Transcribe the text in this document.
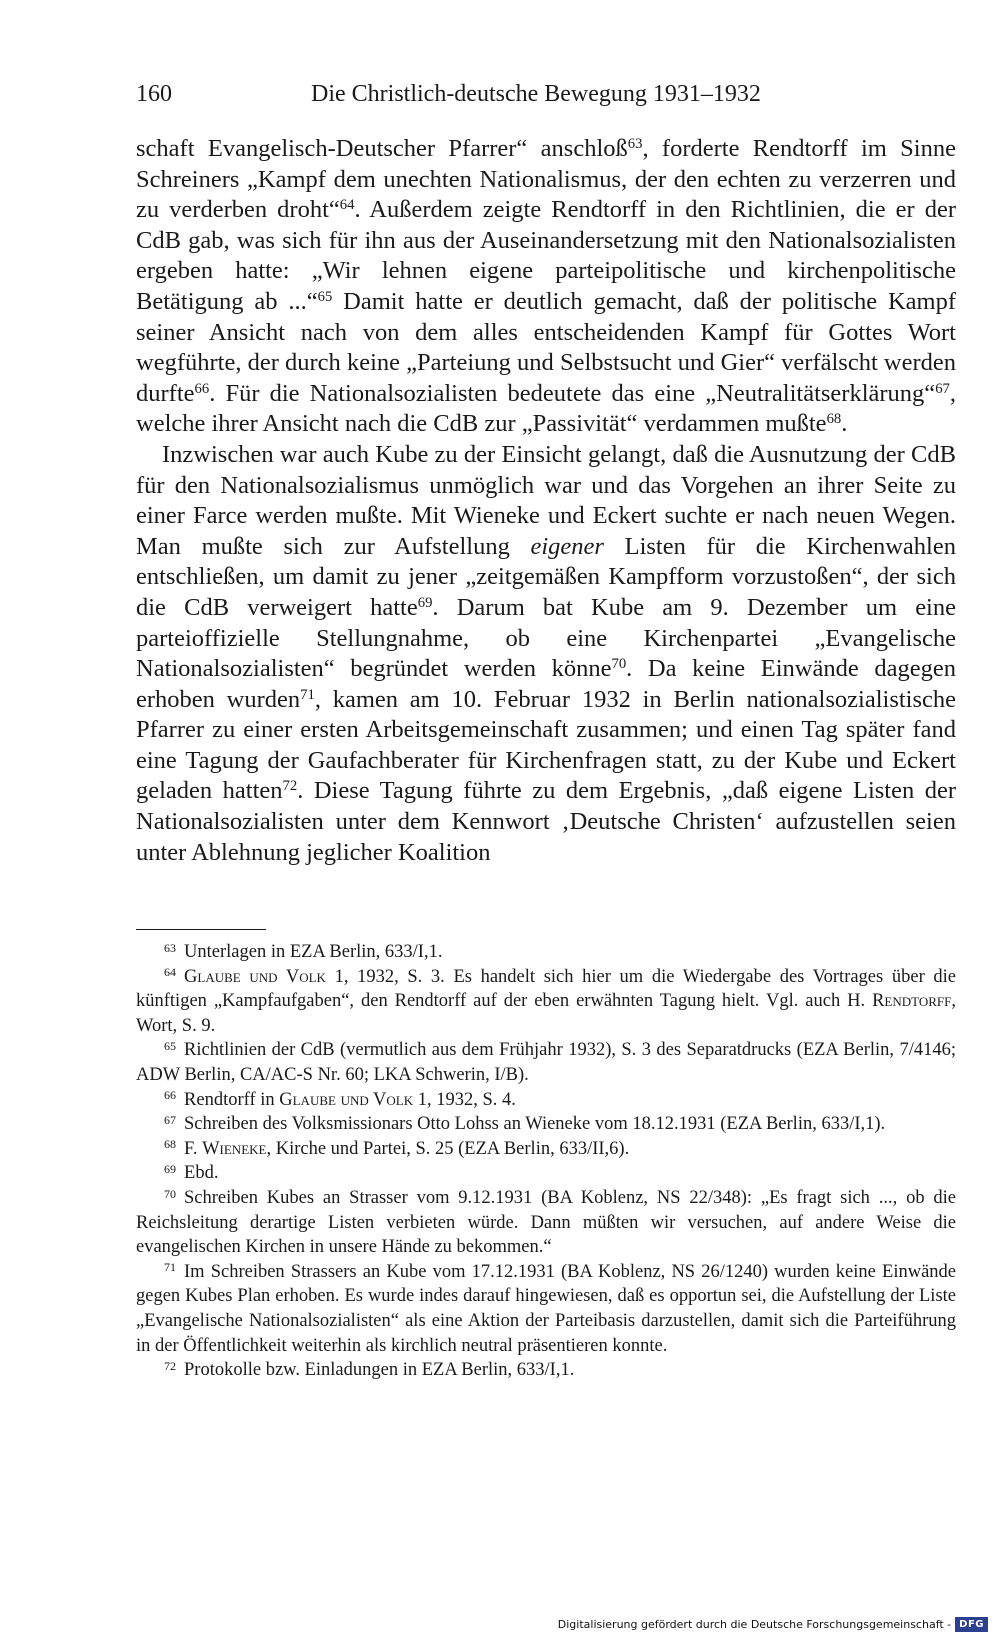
160	Die Christlich-deutsche Bewegung 1931–1932

schaft Evangelisch-Deutscher Pfarrer“ anschloß$^{63}$, forderte Rendtorff im Sinne Schreiners „Kampf dem unechten Nationalismus, der den echten zu verzerren und zu verderben droht“$^{64}$. Außerdem zeigte Rendtorff in den Richtlinien, die er der CdB gab, was sich für ihn aus der Auseinandersetzung mit den Nationalsozialisten ergeben hatte: „Wir lehnen eigene parteipolitische und kirchenpolitische Betätigung ab ...“$^{65}$ Damit hatte er deutlich gemacht, daß der politische Kampf seiner Ansicht nach von dem alles entscheidenden Kampf für Gottes Wort wegführte, der durch keine „Parteiung und Selbstsucht und Gier“ verfälscht werden durfte$^{66}$. Für die Nationalsozialisten bedeutete das eine „Neutralitätserklärung“$^{67}$, welche ihrer Ansicht nach die CdB zur „Passivität“ verdammen mußte$^{68}$.

Inzwischen war auch Kube zu der Einsicht gelangt, daß die Ausnutzung der CdB für den Nationalsozialismus unmöglich war und das Vorgehen an ihrer Seite zu einer Farce werden mußte. Mit Wieneke und Eckert suchte er nach neuen Wegen. Man mußte sich zur Aufstellung eigener Listen für die Kirchenwahlen entschließen, um damit zu jener „zeitgemäßen Kampfform vorzustoßen“, der sich die CdB verweigert hatte$^{69}$. Darum bat Kube am 9. Dezember um eine parteioffizielle Stellungnahme, ob eine Kirchenpartei „Evangelische Nationalsozialisten“ begründet werden könne$^{70}$. Da keine Einwände dagegen erhoben wurden$^{71}$, kamen am 10. Februar 1932 in Berlin nationalsozialistische Pfarrer zu einer ersten Arbeitsgemeinschaft zusammen; und einen Tag später fand eine Tagung der Gaufachberater für Kirchenfragen statt, zu der Kube und Eckert geladen hatten$^{72}$. Diese Tagung führte zu dem Ergebnis, „daß eigene Listen der Nationalsozialisten unter dem Kennwort ‚Deutsche Christen‘ aufzustellen seien unter Ablehnung jeglicher Koalition

$^{63}$ Unterlagen in EZA Berlin, 633/I,1.

$^{64}$ Glaube und Volk 1, 1932, S. 3. Es handelt sich hier um die Wiedergabe des Vortrages über die künftigen „Kampfaufgaben“, den Rendtorff auf der eben erwähnten Tagung hielt. Vgl. auch H. Rendtorff, Wort, S. 9.

$^{65}$ Richtlinien der CdB (vermutlich aus dem Frühjahr 1932), S. 3 des Separatdrucks (EZA Berlin, 7/4146; ADW Berlin, CA/AC-S Nr. 60; LKA Schwerin, I/B).

$^{66}$ Rendtorff in Glaube und Volk 1, 1932, S. 4.

$^{67}$ Schreiben des Volksmissionars Otto Lohss an Wieneke vom 18.12.1931 (EZA Berlin, 633/I,1).

$^{68}$ F. Wieneke, Kirche und Partei, S. 25 (EZA Berlin, 633/II,6).

$^{69}$ Ebd.

$^{70}$ Schreiben Kubes an Strasser vom 9.12.1931 (BA Koblenz, NS 22/348): „Es fragt sich ..., ob die Reichsleitung derartige Listen verbieten würde. Dann müßten wir versuchen, auf andere Weise die evangelischen Kirchen in unsere Hände zu bekommen.“

$^{71}$ Im Schreiben Strassers an Kube vom 17.12.1931 (BA Koblenz, NS 26/1240) wurden keine Einwände gegen Kubes Plan erhoben. Es wurde indes darauf hingewiesen, daß es opportun sei, die Aufstellung der Liste „Evangelische Nationalsozialisten“ als eine Aktion der Parteibasis darzustellen, damit sich die Parteiführung in der Öffentlichkeit weiterhin als kirchlich neutral präsentieren konnte.

$^{72}$ Protokolle bzw. Einladungen in EZA Berlin, 633/I,1.

Digitalisierung gefördert durch die Deutsche Forschungsgemeinschaft - DFG
